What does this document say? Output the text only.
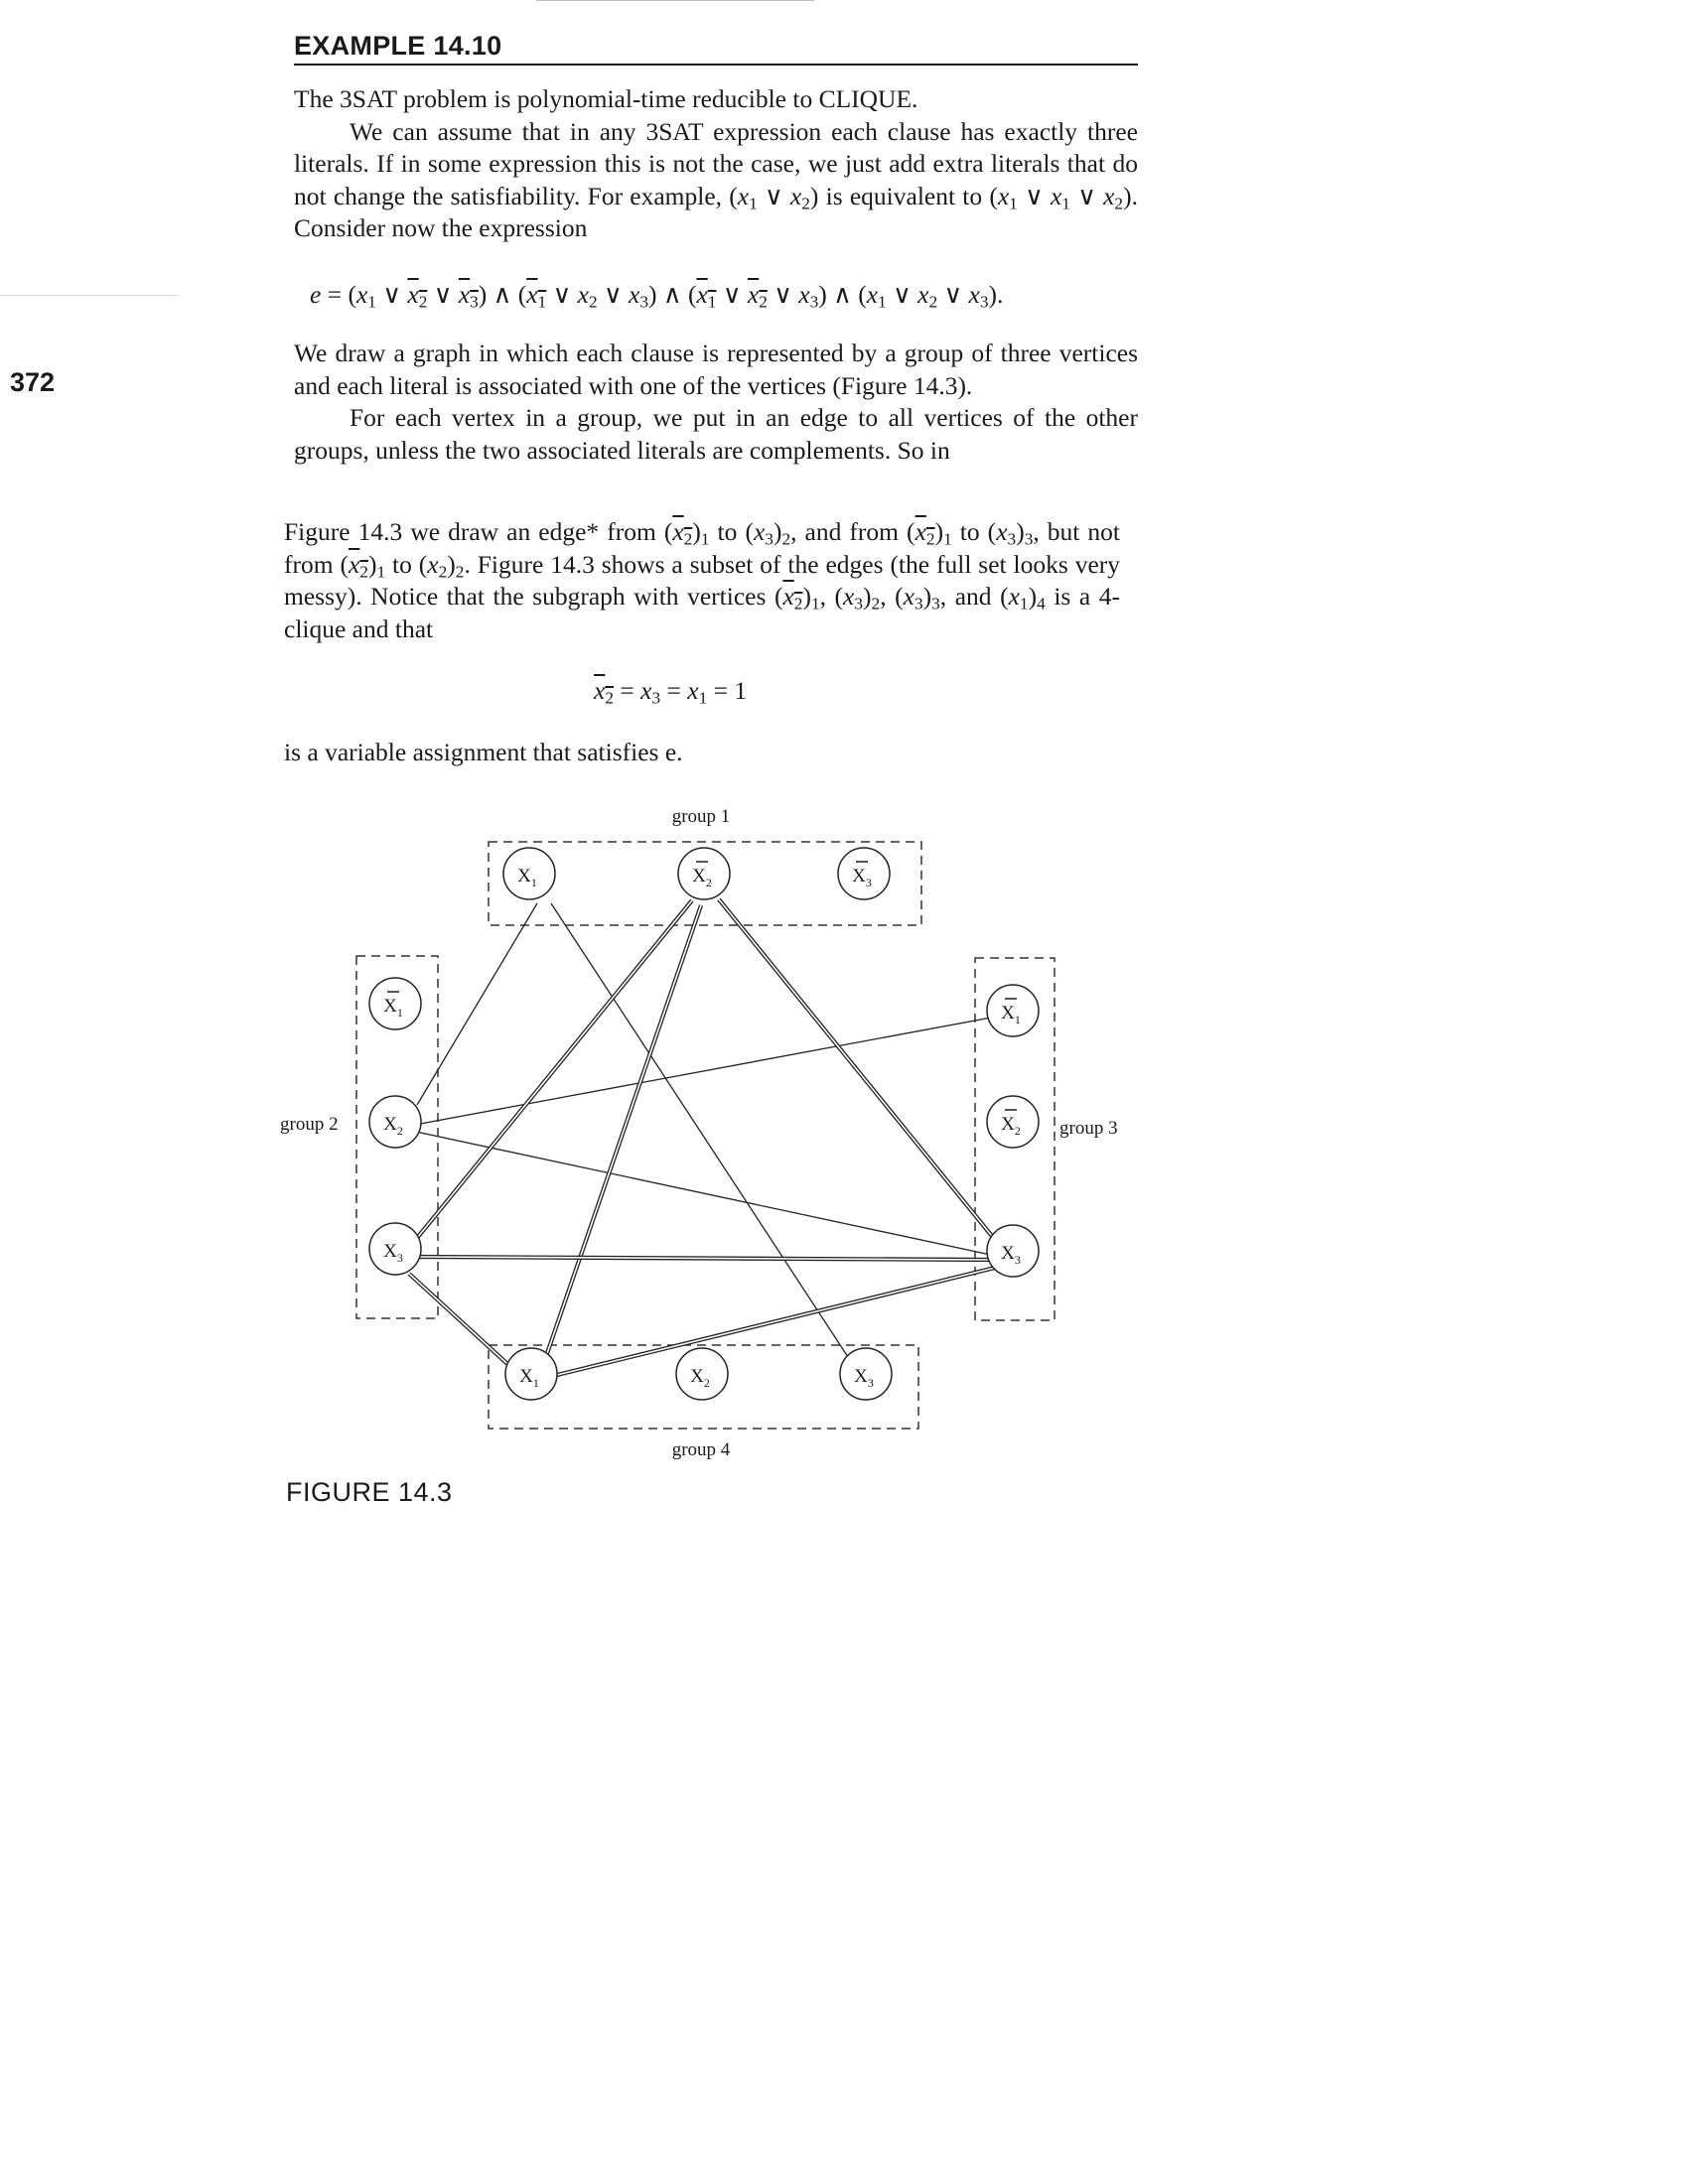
372
EXAMPLE 14.10

The 3SAT problem is polynomial-time reducible to CLIQUE.

We can assume that in any 3SAT expression each clause has exactly three literals. If in some expression this is not the case, we just add extra literals that do not change the satisfiability. For example, ($x_1$ ∨ $x_2$) is equivalent to ($x_1$ ∨ $x_1$ ∨ $x_2$). Consider now the expression

$e = (x_1$ ∨ $x_2$ ∨ $x_3$) ∧ ($x_1$ ∨ $x_2$ ∨ $x_3$) ∧ ($x_1$ ∨ $x_2$ ∨ $x_3$) ∧ ($x_1$ ∨ $x_2$ ∨ $x_3$).

We draw a graph in which each clause is represented by a group of three vertices and each literal is associated with one of the vertices (Figure 14.3).

For each vertex in a group, we put in an edge to all vertices of the other groups, unless the two associated literals are complements. So in

Figure 14.3 we draw an edge* from $(x_2)_1$ to $(x_3)_2$, and from $(x_2)_1$ to $(x_3)_3$, but not from $(x_2)_1$ to $(x_2)_2$. Figure 14.3 shows a subset of the edges (the full set looks very messy). Notice that the subgraph with vertices $(x_2)_1$, $(x_3)_2$, $(x_3)_3$, and $(x_1)_4$ is a 4-clique and that

$x_2 = x_3 = x_1 = 1$

is a variable assignment that satisfies e.

$X_1$	$X_2$	$X_3$
$X_1$
$X_2$
$X_3$
$X_1$
$X_2$
$X_3$
$X_1$	$X_2$	$X_3$
group 1
group 2	group 3
group 4
FIGURE 14.3
